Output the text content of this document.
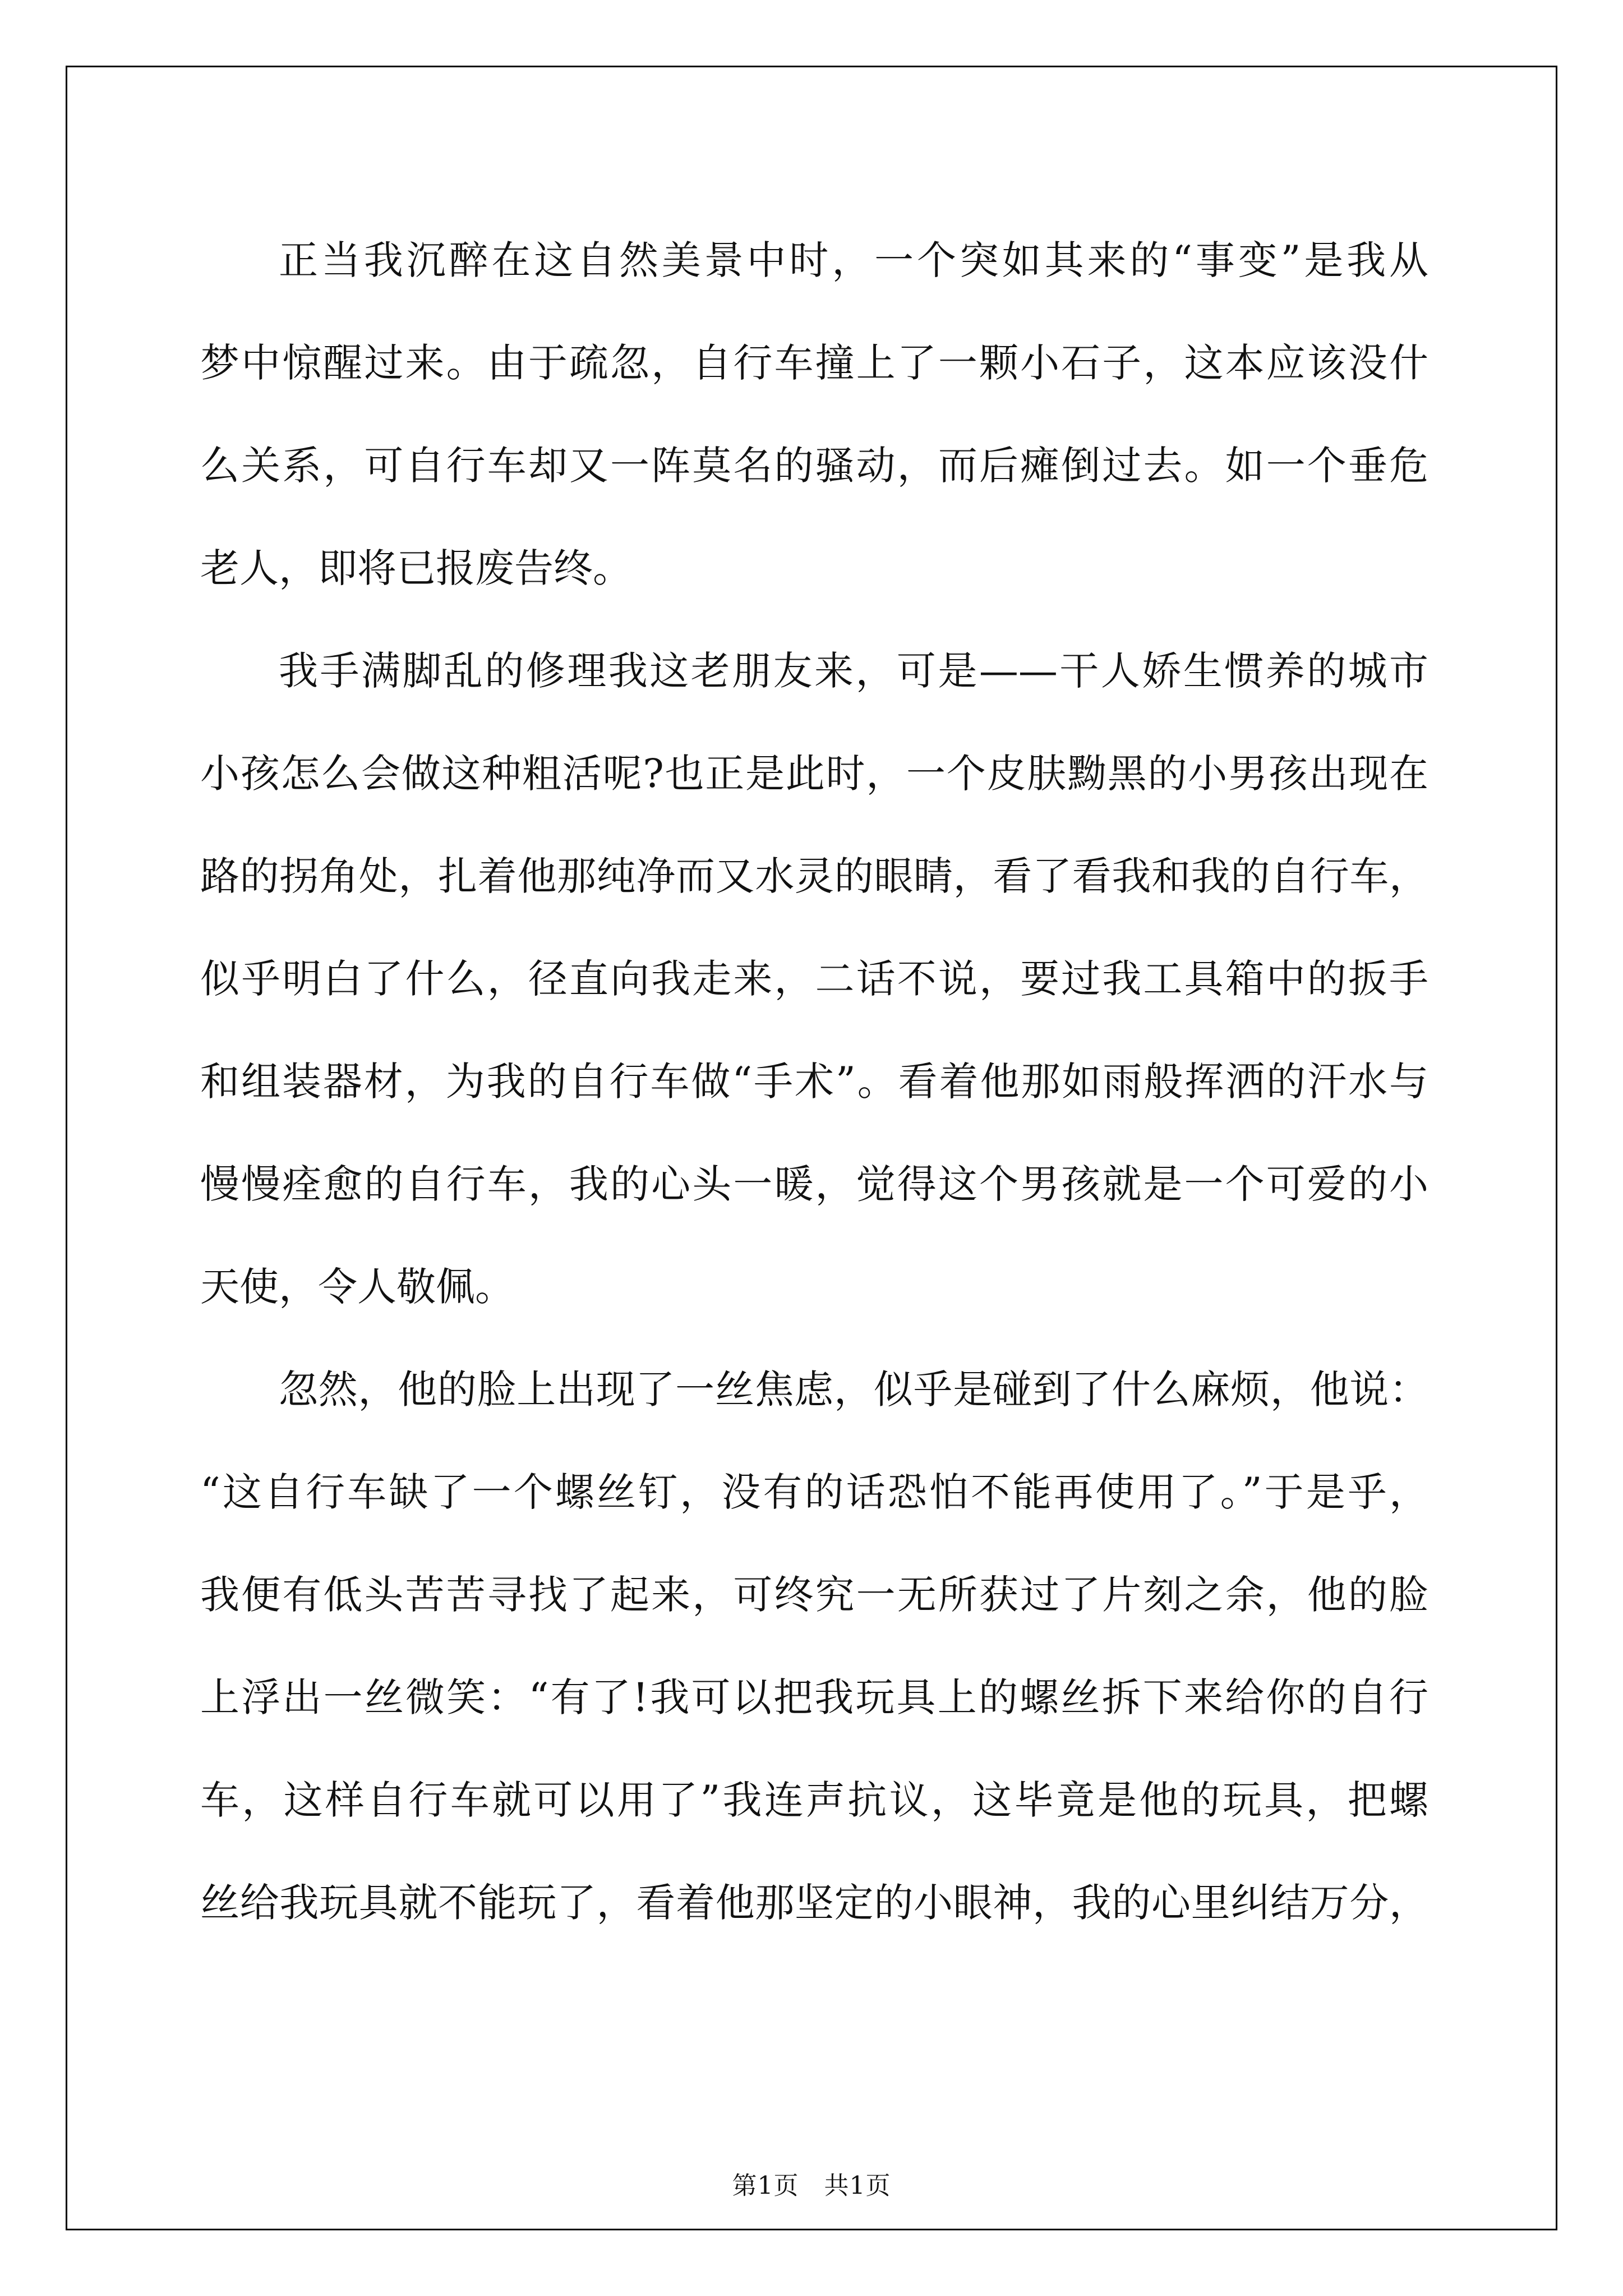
正当我沉醉在这自然美景中时，一个突如其来的“事变”是我从
梦中惊醒过来。由于疏忽，自行车撞上了一颗小石子，这本应该没什
么关系，可自行车却又一阵莫名的骚动，而后瘫倒过去。如一个垂危
老人，即将已报废告终。
我手满脚乱的修理我这老朋友来，可是——干人娇生惯养的城市
小孩怎么会做这种粗活呢?也正是此时，一个皮肤黝黑的小男孩出现在
路的拐角处，扎着他那纯净而又水灵的眼睛，看了看我和我的自行车，
似乎明白了什么，径直向我走来，二话不说，要过我工具箱中的扳手
和组装器材，为我的自行车做“手术”。看着他那如雨般挥洒的汗水与
慢慢痊愈的自行车，我的心头一暖，觉得这个男孩就是一个可爱的小
天使，令人敬佩。
忽然，他的脸上出现了一丝焦虑，似乎是碰到了什么麻烦，他说：
“这自行车缺了一个螺丝钉，没有的话恐怕不能再使用了。”于是乎，
我便有低头苦苦寻找了起来，可终究一无所获过了片刻之余，他的脸
上浮出一丝微笑：“有了!我可以把我玩具上的螺丝拆下来给你的自行
车，这样自行车就可以用了”我连声抗议，这毕竟是他的玩具，把螺
丝给我玩具就不能玩了，看着他那坚定的小眼神，我的心里纠结万分，
第1页 共1页
